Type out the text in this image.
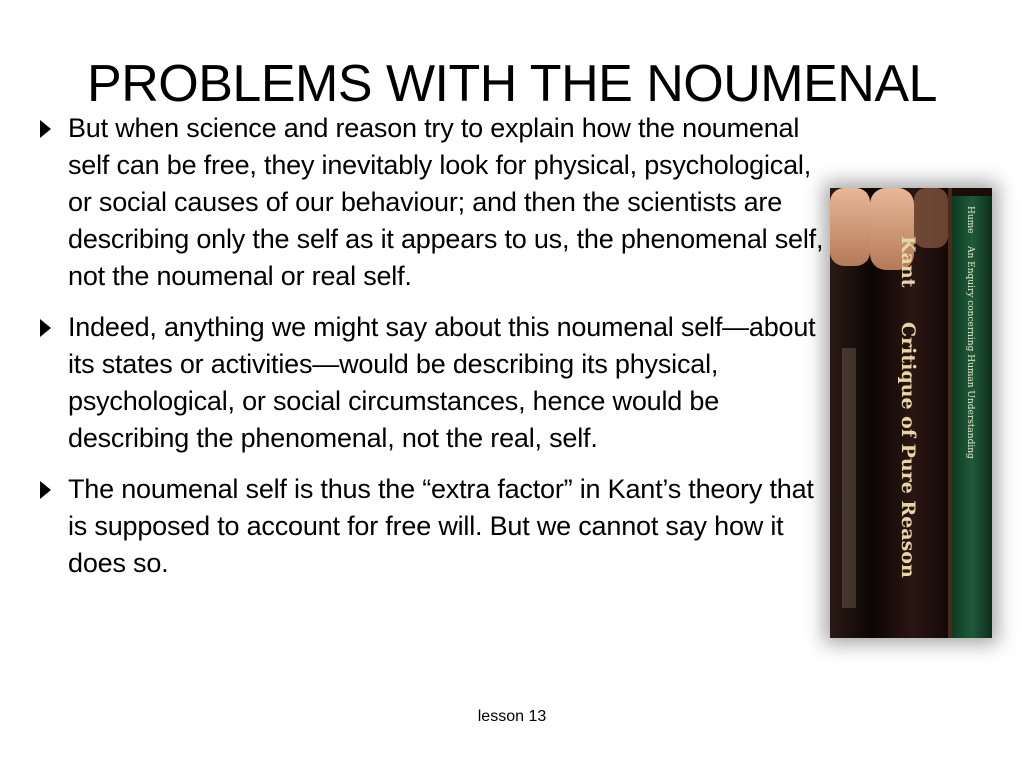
PROBLEMS WITH THE NOUMENAL
But when science and reason try to explain how the noumenal self can be free, they inevitably look for physical, psychological, or social causes of our behaviour; and then the scientists are describing only the self as it appears to us, the phenomenal self, not the noumenal or real self.
Indeed, anything we might say about this noumenal self—about its states or activities—would be describing its physical, psychological, or social circumstances, hence would be describing the phenomenal, not the real, self.
The noumenal self is thus the “extra factor” in Kant’s theory that is supposed to account for free will. But we cannot say how it does so.
Kant
Critique of Pure Reason
Hume
An Enquiry concerning Human Understanding
lesson 13
